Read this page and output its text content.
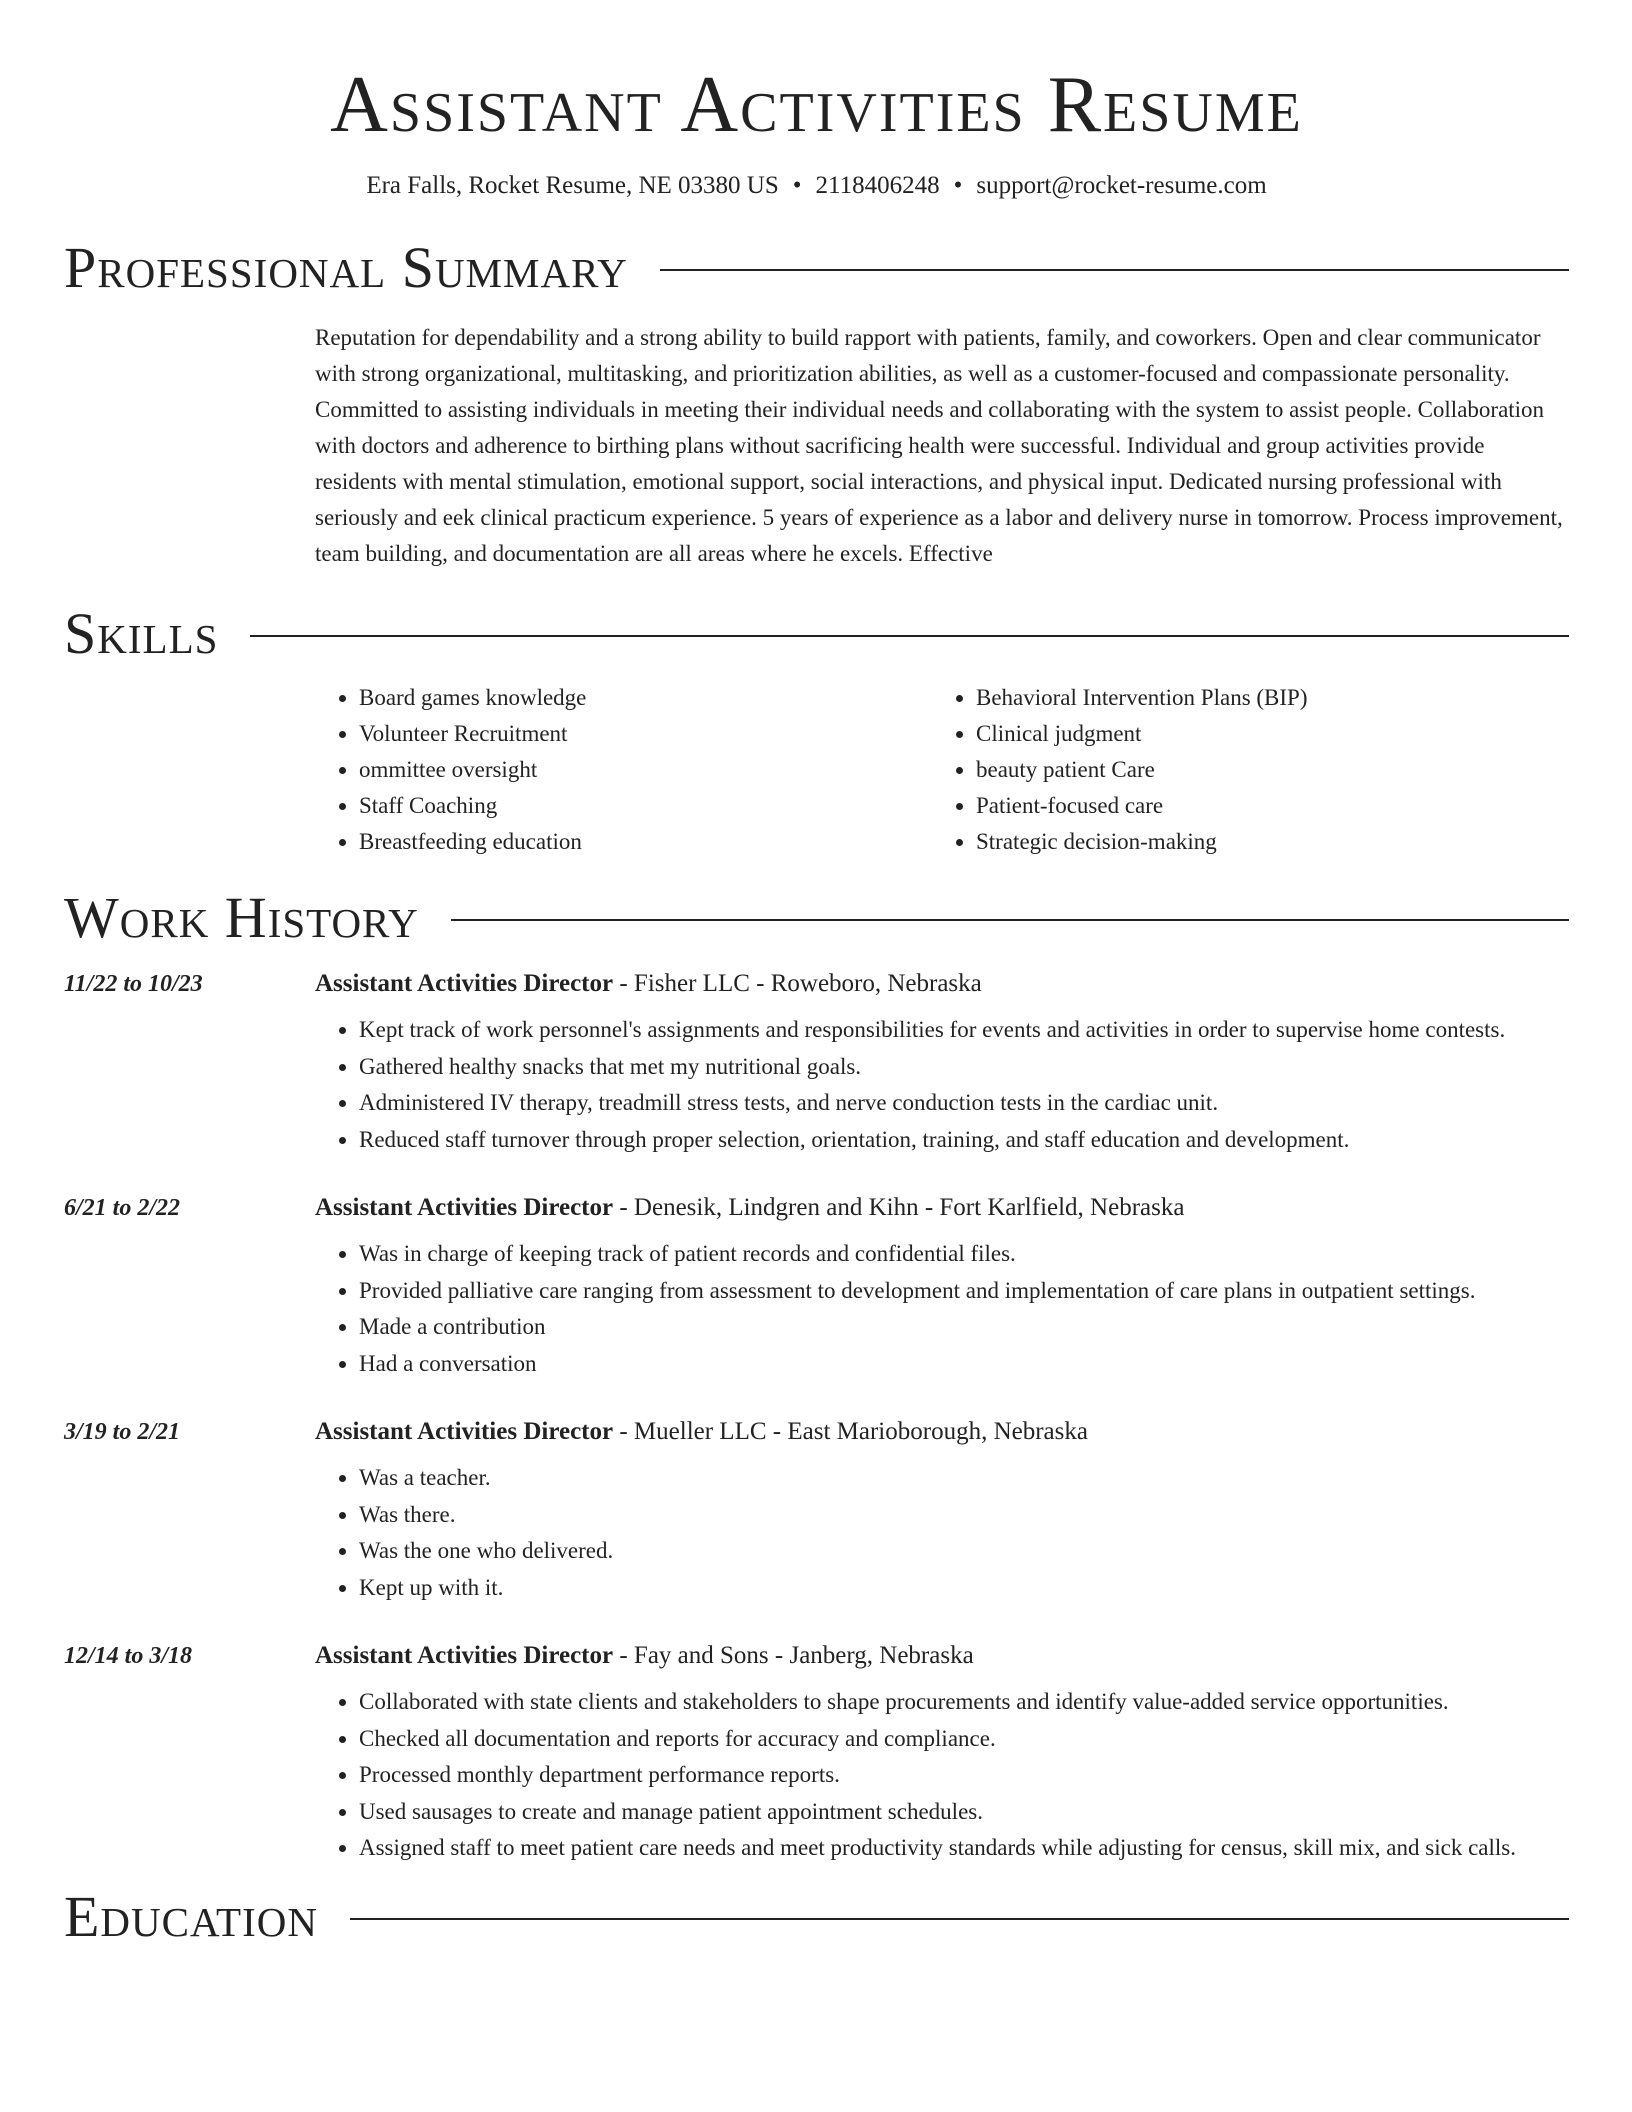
Assistant Activities Resume
Era Falls, Rocket Resume, NE 03380 US • 2118406248 • support@rocket-resume.com
Professional Summary

Reputation for dependability and a strong ability to build rapport with patients, family, and coworkers. Open and clear communicator with strong organizational, multitasking, and prioritization abilities, as well as a customer-focused and compassionate personality. Committed to assisting individuals in meeting their individual needs and collaborating with the system to assist people. Collaboration with doctors and adherence to birthing plans without sacrificing health were successful. Individual and group activities provide residents with mental stimulation, emotional support, social interactions, and physical input. Dedicated nursing professional with seriously and eek clinical practicum experience. 5 years of experience as a labor and delivery nurse in tomorrow. Process improvement, team building, and documentation are all areas where he excels. Effective

Skills
• Board games knowledge
• Volunteer Recruitment
• ommittee oversight
• Staff Coaching
• Breastfeeding education
• Behavioral Intervention Plans (BIP)
• Clinical judgment
• beauty patient Care
• Patient-focused care
• Strategic decision-making
Work History
11/22 to 10/23	Assistant Activities Director - Fisher LLC - Roweboro, Nebraska
• Kept track of work personnel's assignments and responsibilities for events and activities in order to supervise home contests.
• Gathered healthy snacks that met my nutritional goals.
• Administered IV therapy, treadmill stress tests, and nerve conduction tests in the cardiac unit.
• Reduced staff turnover through proper selection, orientation, training, and staff education and development.
6/21 to 2/22	Assistant Activities Director - Denesik, Lindgren and Kihn - Fort Karlfield, Nebraska
• Was in charge of keeping track of patient records and confidential files.
• Provided palliative care ranging from assessment to development and implementation of care plans in outpatient settings.
• Made a contribution
• Had a conversation
3/19 to 2/21	Assistant Activities Director - Mueller LLC - East Marioborough, Nebraska
• Was a teacher.
• Was there.
• Was the one who delivered.
• Kept up with it.
12/14 to 3/18	Assistant Activities Director - Fay and Sons - Janberg, Nebraska
• Collaborated with state clients and stakeholders to shape procurements and identify value-added service opportunities.
• Checked all documentation and reports for accuracy and compliance.
• Processed monthly department performance reports.
• Used sausages to create and manage patient appointment schedules.
• Assigned staff to meet patient care needs and meet productivity standards while adjusting for census, skill mix, and sick calls.
Education
